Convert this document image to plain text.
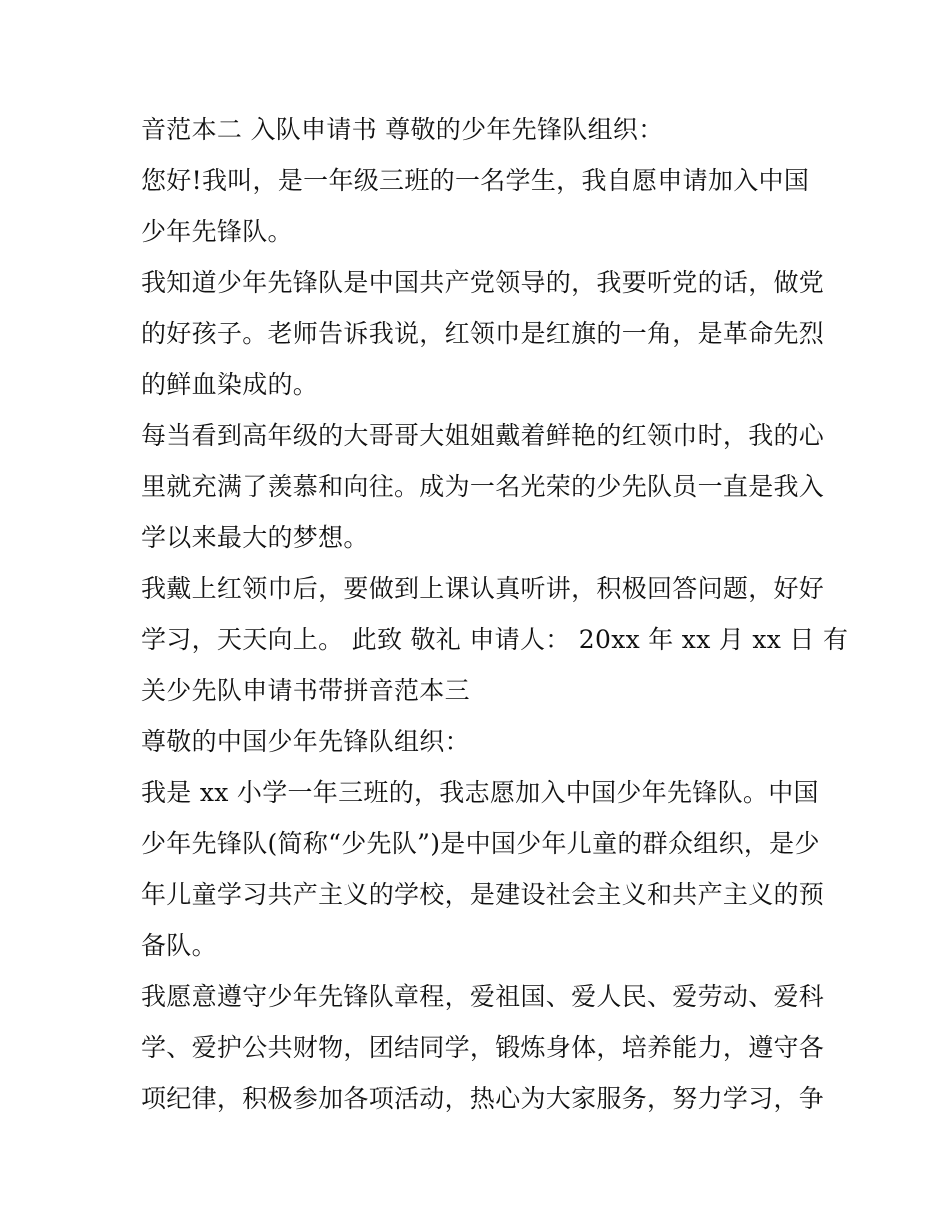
音范本二 入队申请书 尊敬的少年先锋队组织：
您好!我叫，是一年级三班的一名学生，我自愿申请加入中国
少年先锋队。
我知道少年先锋队是中国共产党领导的，我要听党的话，做党
的好孩子。老师告诉我说，红领巾是红旗的一角，是革命先烈
的鲜血染成的。
每当看到高年级的大哥哥大姐姐戴着鲜艳的红领巾时，我的心
里就充满了羡慕和向往。成为一名光荣的少先队员一直是我入
学以来最大的梦想。
我戴上红领巾后，要做到上课认真听讲，积极回答问题，好好
学习，天天向上。 此致 敬礼 申请人： 20xx 年 xx 月 xx 日 有
关少先队申请书带拼音范本三
尊敬的中国少年先锋队组织：
我是 xx 小学一年三班的，我志愿加入中国少年先锋队。中国
少年先锋队(简称“少先队”)是中国少年儿童的群众组织，是少
年儿童学习共产主义的学校，是建设社会主义和共产主义的预
备队。
我愿意遵守少年先锋队章程，爱祖国、爱人民、爱劳动、爱科
学、爱护公共财物，团结同学，锻炼身体，培养能力，遵守各
项纪律，积极参加各项活动，热心为大家服务，努力学习，争
